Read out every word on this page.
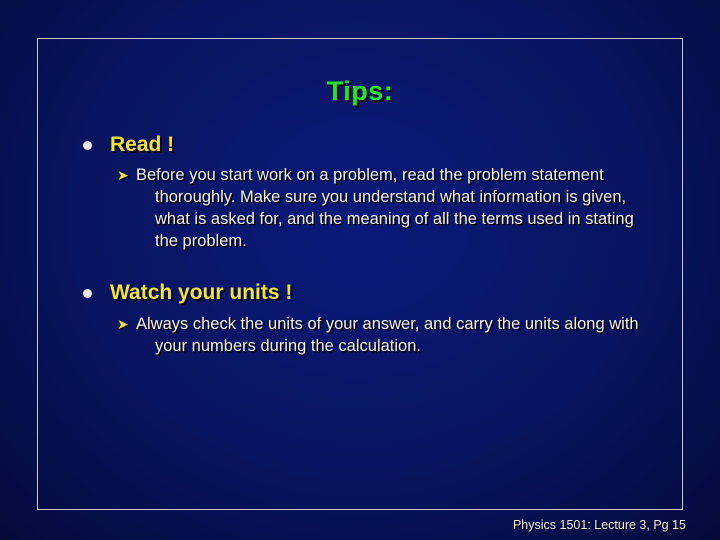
Tips:
Read !
➤ Before you start work on a problem, read the problem statement thoroughly. Make sure you understand what information is given, what is asked for, and the meaning of all the terms used in stating the problem.
Watch your units !
➤ Always check the units of your answer, and carry the units along with your numbers during the calculation.
Physics 1501: Lecture 3, Pg 15
